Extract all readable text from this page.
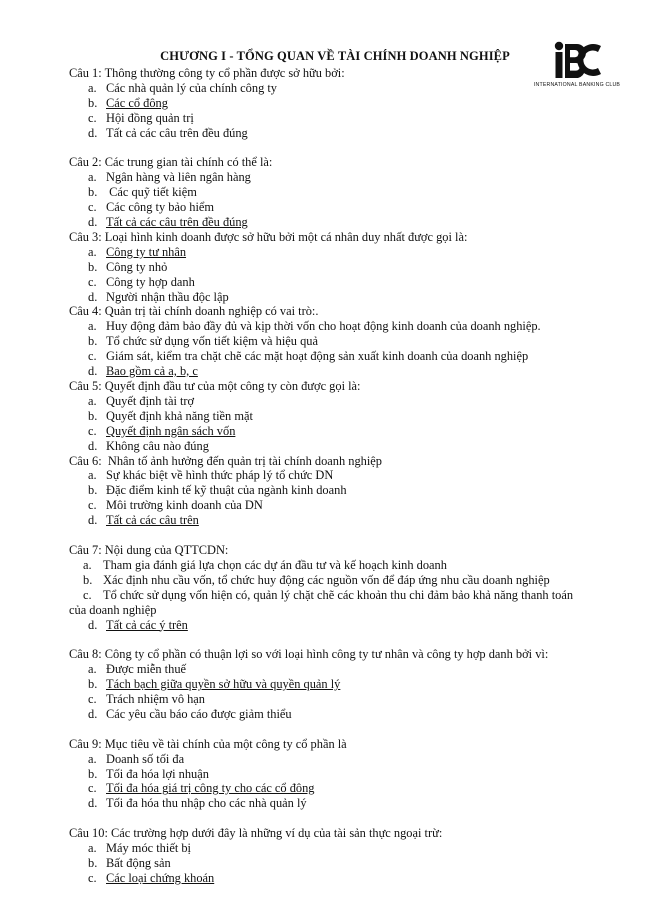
CHƯƠNG I - TỔNG QUAN VỀ TÀI CHÍNH DOANH NGHIỆP
INTERNATIONAL BANKING CLUB
Câu 1: Thông thường công ty cổ phần được sở hữu bởi:
a. Các nhà quản lý của chính công ty
b. Các cổ đông
c. Hội đồng quản trị
d. Tất cả các câu trên đều đúng
Câu 2: Các trung gian tài chính có thể là:
a. Ngân hàng và liên ngân hàng
b. Các quỹ tiết kiệm
c. Các công ty bảo hiểm
d. Tất cả các câu trên đều đúng
Câu 3: Loại hình kinh doanh được sở hữu bởi một cá nhân duy nhất được gọi là:
a. Công ty tư nhân
b. Công ty nhỏ
c. Công ty hợp danh
d. Người nhận thầu độc lập
Câu 4: Quản trị tài chính doanh nghiệp có vai trò:.
a. Huy động đảm bảo đầy đủ và kịp thời vốn cho hoạt động kinh doanh của doanh nghiệp.
b. Tổ chức sử dụng vốn tiết kiệm và hiệu quả
c. Giám sát, kiểm tra chặt chẽ các mặt hoạt động sản xuất kinh doanh của doanh nghiệp
d. Bao gồm cả a, b, c
Câu 5: Quyết định đầu tư của một công ty còn được gọi là:
a. Quyết định tài trợ
b. Quyết định khả năng tiền mặt
c. Quyết định ngân sách vốn
d. Không câu nào đúng
Câu 6:  Nhân tố ảnh hưởng đến quản trị tài chính doanh nghiệp
a. Sự khác biệt về hình thức pháp lý tổ chức DN
b. Đặc điểm kinh tế kỹ thuật của ngành kinh doanh
c. Môi trường kinh doanh của DN
d. Tất cả các câu trên
Câu 7: Nội dung của QTTCDN:
a. Tham gia đánh giá lựa chọn các dự án đầu tư và kế hoạch kinh doanh
b. Xác định nhu cầu vốn, tổ chức huy động các nguồn vốn để đáp ứng nhu cầu doanh nghiệp
c. Tổ chức sử dụng vốn hiện có, quản lý chặt chẽ các khoản thu chi đảm bảo khả năng thanh toán
của doanh nghiệp
d. Tất cả các ý trên
Câu 8: Công ty cổ phần có thuận lợi so với loại hình công ty tư nhân và công ty hợp danh bởi vì:
a. Được miễn thuế
b. Tách bạch giữa quyền sở hữu và quyền quản lý
c. Trách nhiệm vô hạn
d. Các yêu cầu báo cáo được giảm thiểu
Câu 9: Mục tiêu về tài chính của một công ty cổ phần là
a. Doanh số tối đa
b. Tối đa hóa lợi nhuận
c. Tối đa hóa giá trị công ty cho các cổ đông
d. Tối đa hóa thu nhập cho các nhà quản lý
Câu 10: Các trường hợp dưới đây là những ví dụ của tài sản thực ngoại trừ:
a. Máy móc thiết bị
b. Bất động sản
c. Các loại chứng khoán
